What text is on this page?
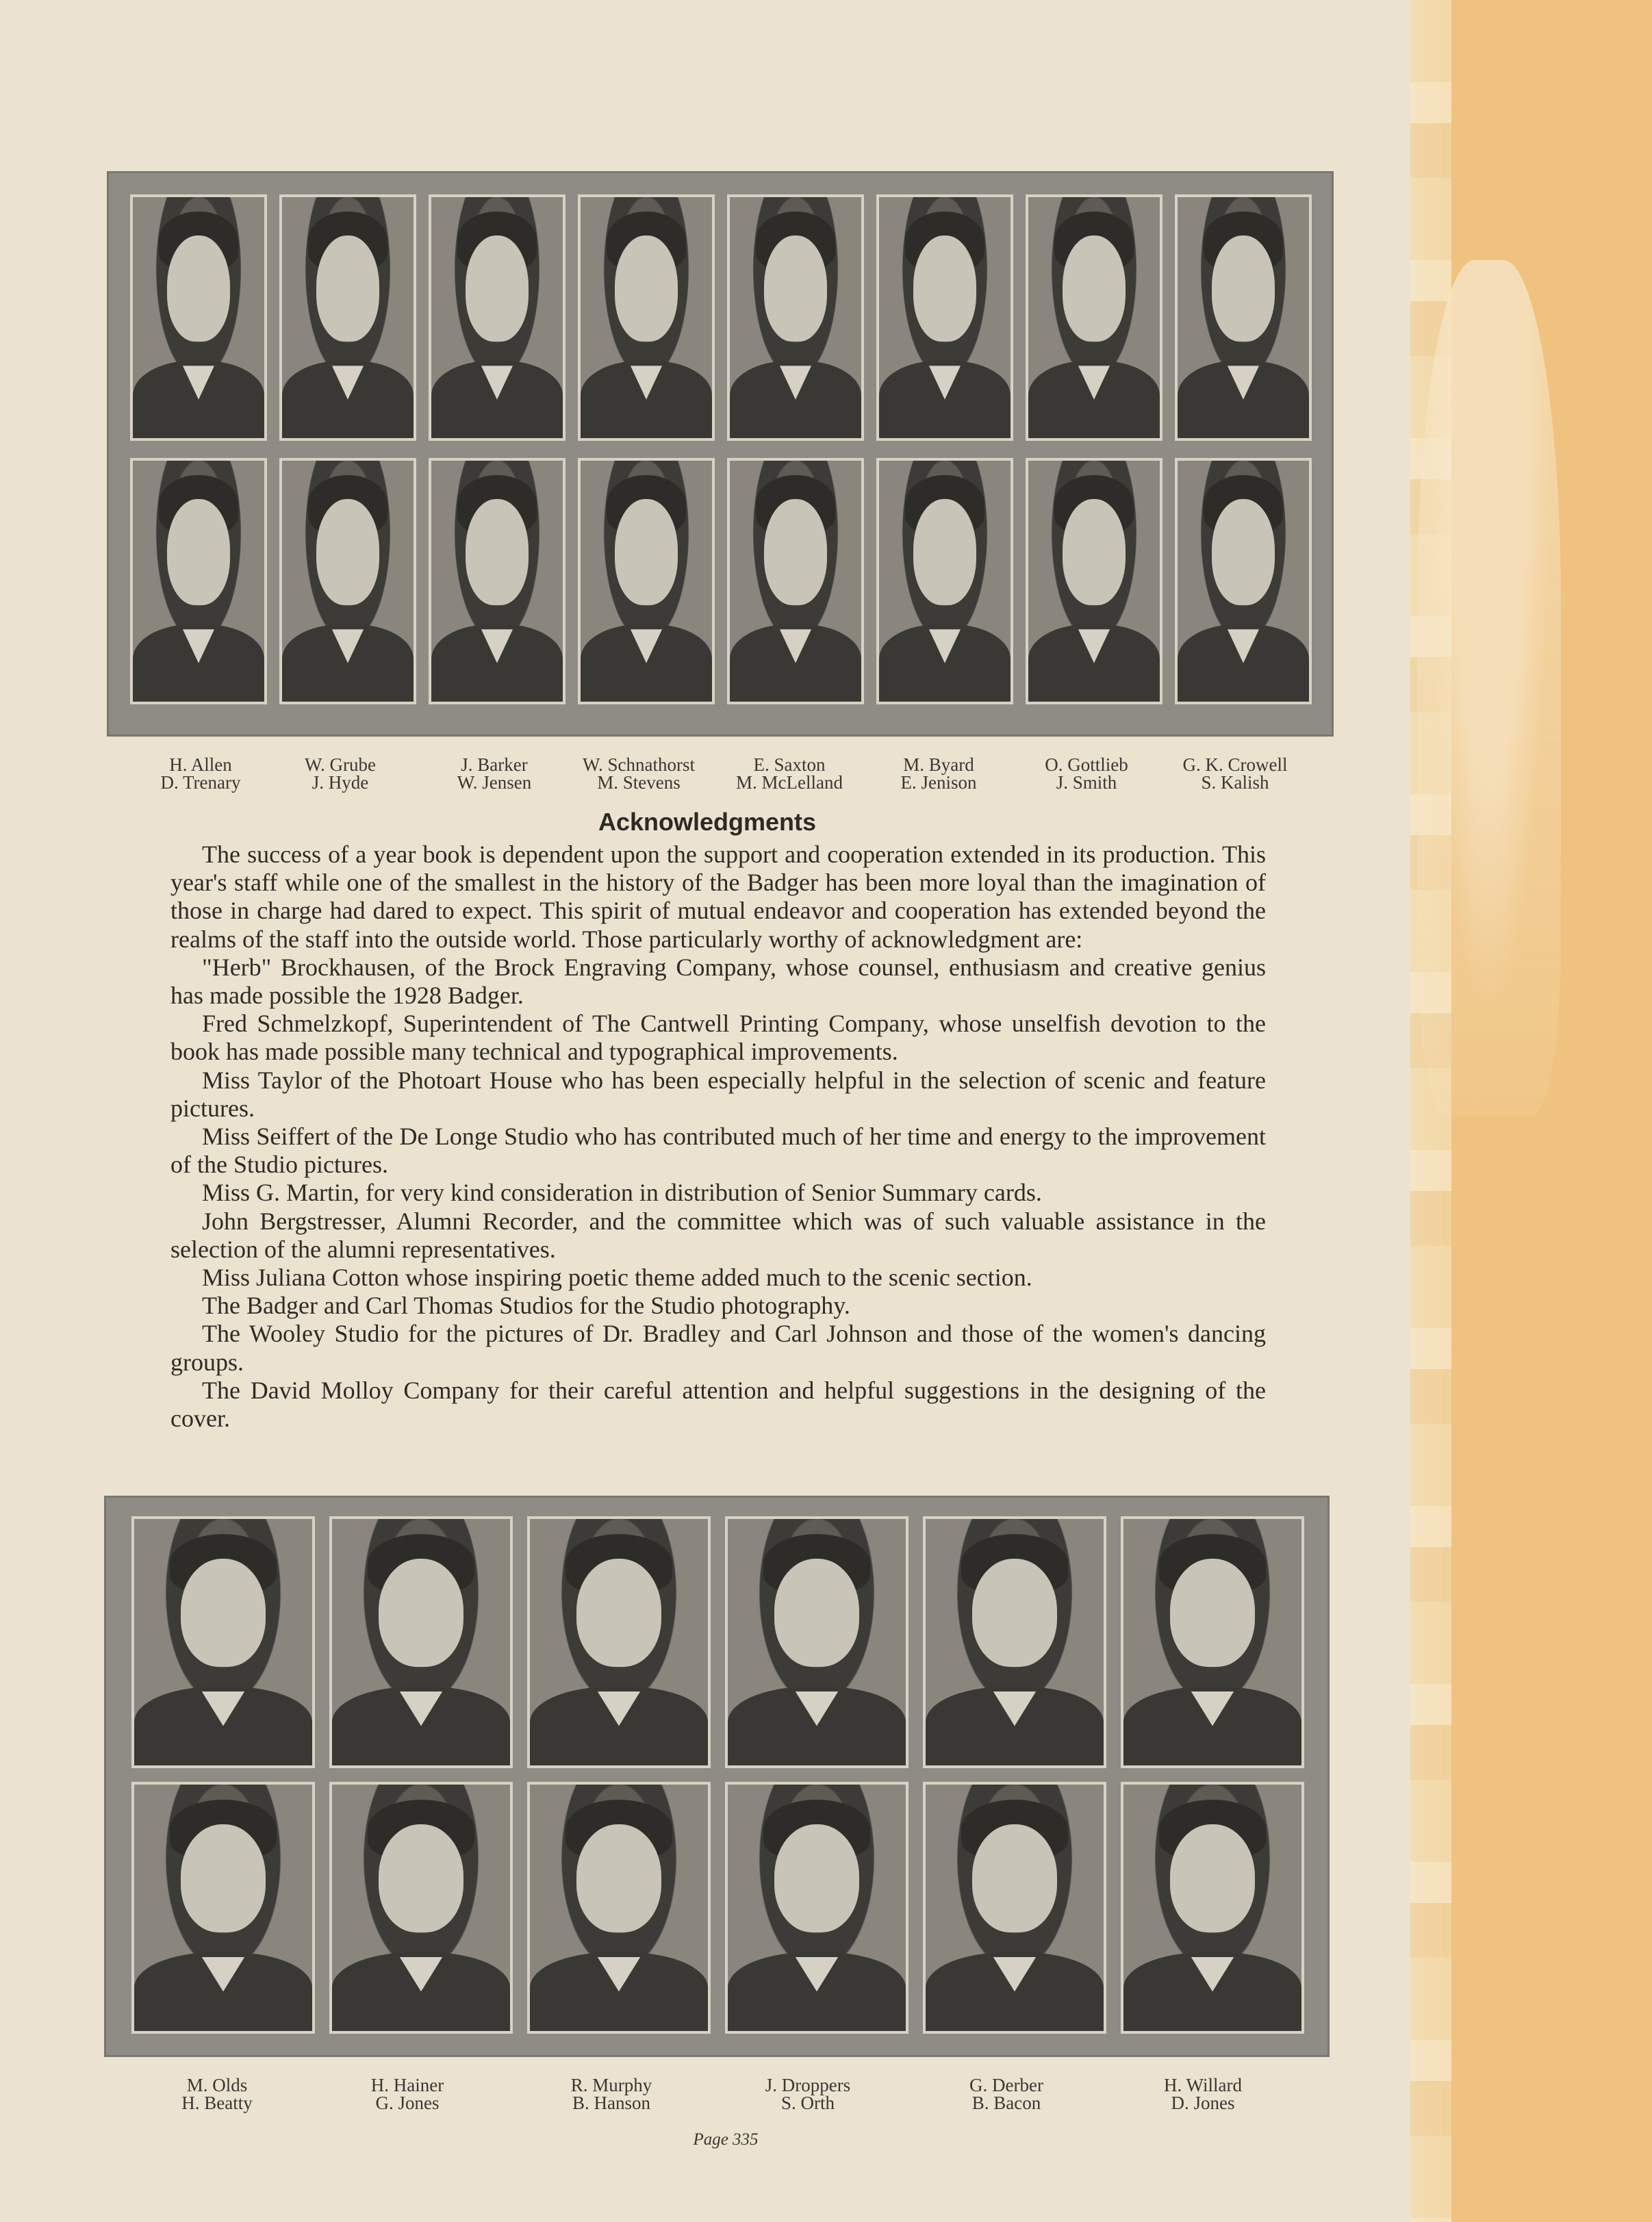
H. Allen
D. Trenary
W. Grube
J. Hyde
J. Barker
W. Jensen
W. Schnathorst
M. Stevens
E. Saxton
M. McLelland
M. Byard
E. Jenison
O. Gottlieb
J. Smith
G. K. Crowell
S. Kalish
Acknowledgments

The success of a year book is dependent upon the support and cooperation extended in its production. This year's staff while one of the smallest in the history of the Badger has been more loyal than the imagination of those in charge had dared to expect. This spirit of mutual endeavor and cooperation has extended beyond the realms of the staff into the outside world. Those particularly worthy of acknowledgment are:

"Herb" Brockhausen, of the Brock Engraving Company, whose counsel, enthusiasm and creative genius has made possible the 1928 Badger.

Fred Schmelzkopf, Superintendent of The Cantwell Printing Company, whose unselfish devotion to the book has made possible many technical and typographical improvements.

Miss Taylor of the Photoart House who has been especially helpful in the selection of scenic and feature pictures.

Miss Seiffert of the De Longe Studio who has contributed much of her time and energy to the improvement of the Studio pictures.

Miss G. Martin, for very kind consideration in distribution of Senior Summary cards.

John Bergstresser, Alumni Recorder, and the committee which was of such valuable assistance in the selection of the alumni representatives.

Miss Juliana Cotton whose inspiring poetic theme added much to the scenic section.

The Badger and Carl Thomas Studios for the Studio photography.

The Wooley Studio for the pictures of Dr. Bradley and Carl Johnson and those of the women's dancing groups.

The David Molloy Company for their careful attention and helpful suggestions in the designing of the cover.

M. Olds
H. Beatty
H. Hainer
G. Jones
R. Murphy
B. Hanson
J. Droppers
S. Orth
G. Derber
B. Bacon
H. Willard
D. Jones
Page 335
